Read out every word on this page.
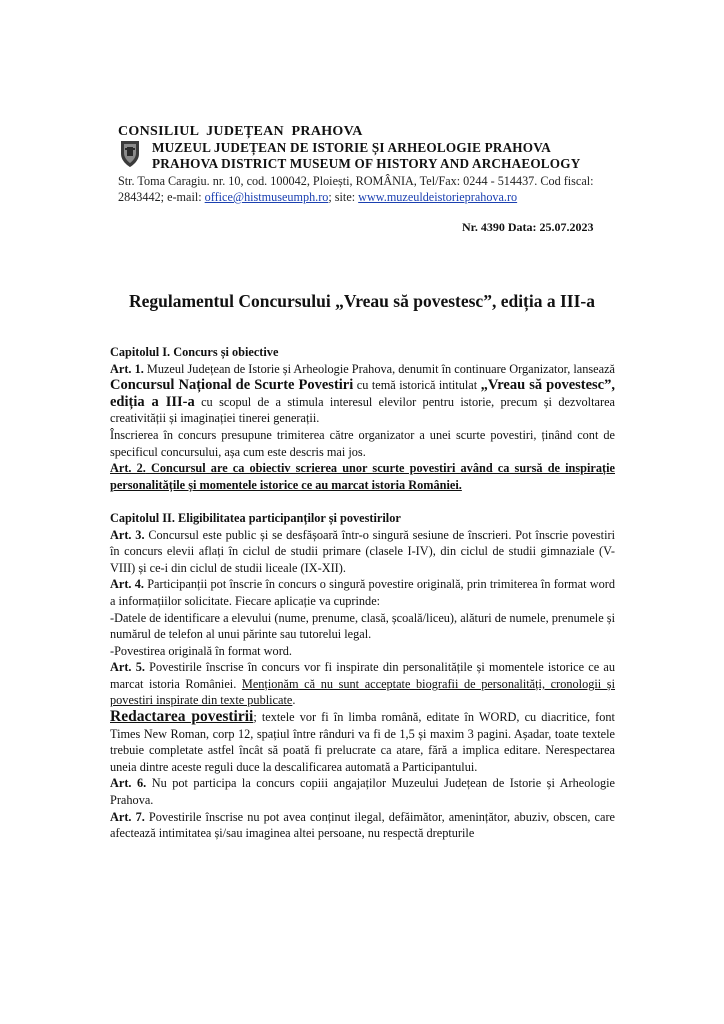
CONSILIUL  JUDEȚEAN  PRAHOVA
MUZEUL JUDEȚEAN DE ISTORIE ȘI ARHEOLOGIE PRAHOVA
PRAHOVA DISTRICT MUSEUM OF HISTORY AND ARCHAEOLOGY
Str. Toma Caragiu. nr. 10, cod. 100042, Ploiești, ROMÂNIA, Tel/Fax: 0244 - 514437. Cod fiscal: 2843442; e-mail: office@histmuseumph.ro; site: www.muzeuldeistorieprahova.ro
Nr. 4390 Data: 25.07.2023
Regulamentul Concursului „Vreau să povestesc”, ediția a III-a

Capitolul I. Concurs și obiective

Art. 1. Muzeul Județean de Istorie și Arheologie Prahova, denumit în continuare Organizator, lansează Concursul Național de Scurte Povestiri cu temă istorică intitulat „Vreau să povestesc”, ediția a III-a cu scopul de a stimula interesul elevilor pentru istorie, precum și dezvoltarea creativității și imaginației tinerei generații.

Înscrierea în concurs presupune trimiterea către organizator a unei scurte povestiri, ținând cont de specificul concursului, așa cum este descris mai jos.

Art. 2. Concursul are ca obiectiv scrierea unor scurte povestiri având ca sursă de inspirație personalitățile și momentele istorice ce au marcat istoria României.

Capitolul II. Eligibilitatea participanților și povestirilor

Art. 3. Concursul este public și se desfășoară într-o singură sesiune de înscrieri. Pot înscrie povestiri în concurs elevii aflați în ciclul de studii primare (clasele I-IV), din ciclul de studii gimnaziale (V-VIII) și ce-i din ciclul de studii liceale (IX-XII).

Art. 4. Participanții pot înscrie în concurs o singură povestire originală, prin trimiterea în format word a informațiilor solicitate. Fiecare aplicație va cuprinde:

-Datele de identificare a elevului (nume, prenume, clasă, școală/liceu), alături de numele, prenumele și numărul de telefon al unui părinte sau tutorelui legal.

-Povestirea originală în format word.

Art. 5. Povestirile înscrise în concurs vor fi inspirate din personalitățile și momentele istorice ce au marcat istoria României. Menționăm că nu sunt acceptate biografii de personalități, cronologii și povestiri inspirate din texte publicate.

Redactarea povestirii; textele vor fi în limba română, editate în WORD, cu diacritice, font Times New Roman, corp 12, spațiul între rânduri va fi de 1,5 și maxim 3 pagini. Așadar, toate textele trebuie completate astfel încât să poată fi prelucrate ca atare, fără a implica editare. Nerespectarea uneia dintre aceste reguli duce la descalificarea automată a Participantului.

Art. 6. Nu pot participa la concurs copiii angajaților Muzeului Județean de Istorie și Arheologie Prahova.

Art. 7. Povestirile înscrise nu pot avea conținut ilegal, defăimător, amenințător, abuziv, obscen, care afectează intimitatea și/sau imaginea altei persoane, nu respectă drepturile
